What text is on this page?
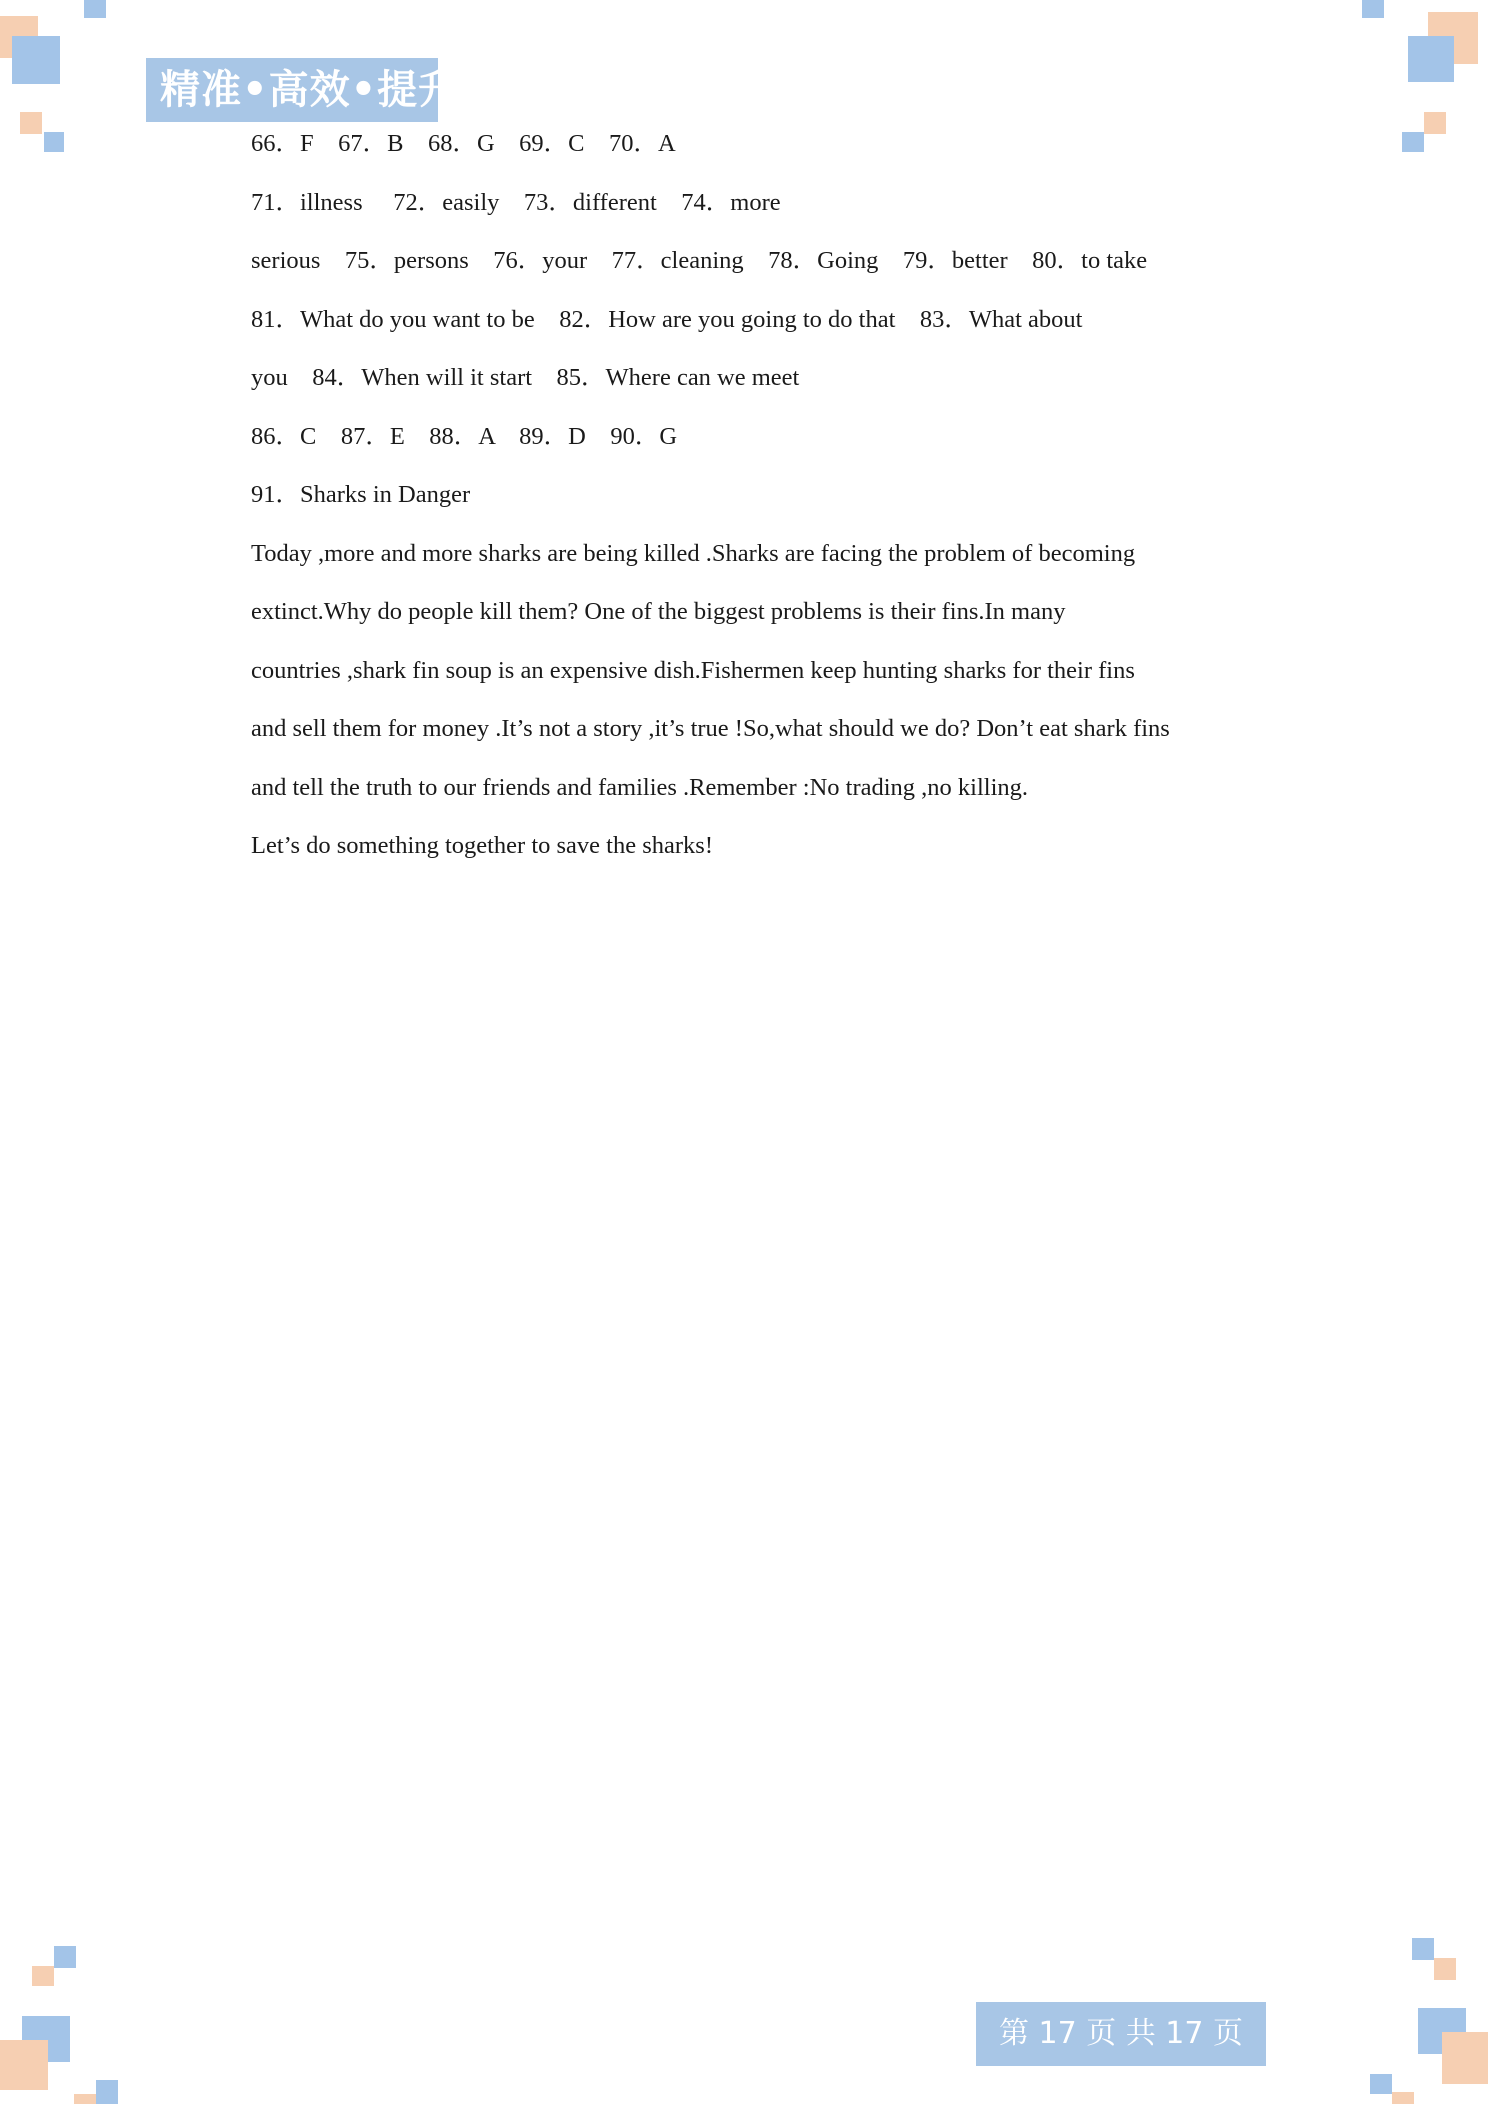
精准•高效•提升
66．F　67．B　68．G　69．C　70．A
71．illness　 72．easily　73．different　74．more
serious　75．persons　76．your　77．cleaning　78．Going　79．better　80．to take
81．What do you want to be　82．How are you going to do that　83．What about
you　84．When will it start　85．Where can we meet
86．C　87．E　88．A　89．D　90．G
91．Sharks in Danger
Today ,more and more sharks are being killed .Sharks are facing the problem of becoming
extinct.Why do people kill them? One of the biggest problems is their fins.In many
countries ,shark fin soup is an expensive dish.Fishermen keep hunting sharks for their fins
and sell them for money .It’s not a story ,it’s true !So,what should we do? Don’t eat shark fins
and tell the truth to our friends and families .Remember :No trading ,no killing.
Let’s do something together to save the sharks!
第 17 页 共 17 页
